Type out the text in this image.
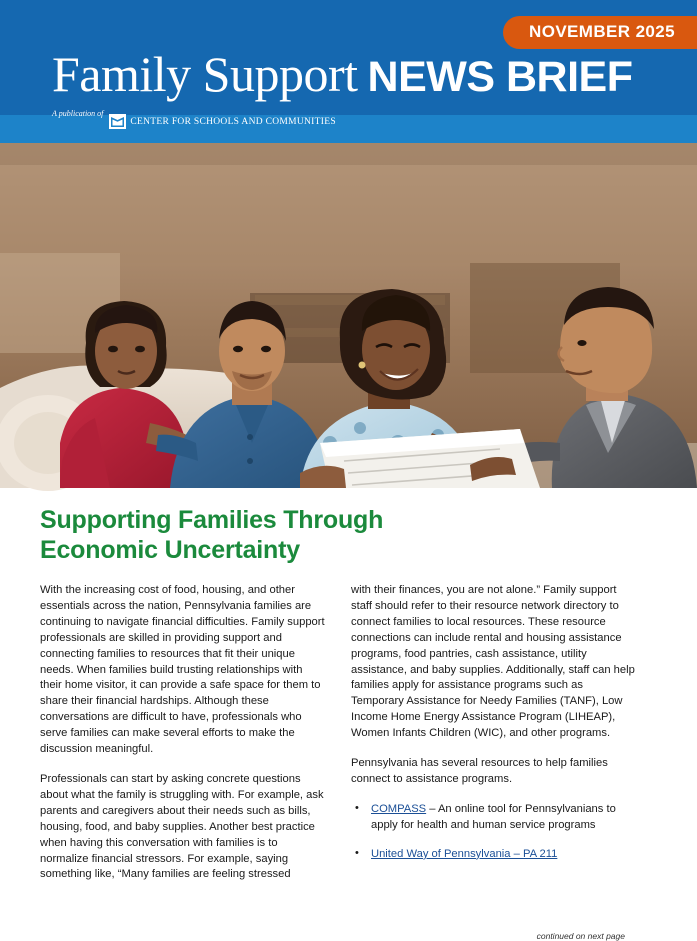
NOVEMBER 2025
Family Support NEWS BRIEF
A publication of
CENTER FOR SCHOOLS AND COMMUNITIES
Supporting Families Through Economic Uncertainty

With the increasing cost of food, housing, and other essentials across the nation, Pennsylvania families are continuing to navigate financial difficulties. Family support professionals are skilled in providing support and connecting families to resources that fit their unique needs. When families build trusting relationships with their home visitor, it can provide a safe space for them to share their financial hardships. Although these conversations are difficult to have, professionals who serve families can make several efforts to make the discussion meaningful.

Professionals can start by asking concrete questions about what the family is struggling with. For example, ask parents and caregivers about their needs such as bills, housing, food, and baby supplies. Another best practice when having this conversation with families is to normalize financial stressors. For example, saying something like, “Many families are feeling stressed

with their finances, you are not alone.” Family support staff should refer to their resource network directory to connect families to local resources. These resource connections can include rental and housing assistance programs, food pantries, cash assistance, utility assistance, and baby supplies. Additionally, staff can help families apply for assistance programs such as Temporary Assistance for Needy Families (TANF), Low Income Home Energy Assistance Program (LIHEAP), Women Infants Children (WIC), and other programs.

Pennsylvania has several resources to help families connect to assistance programs.

• COMPASS – An online tool for Pennsylvanians to apply for health and human service programs
• United Way of Pennsylvania – PA 211
continued on next page
